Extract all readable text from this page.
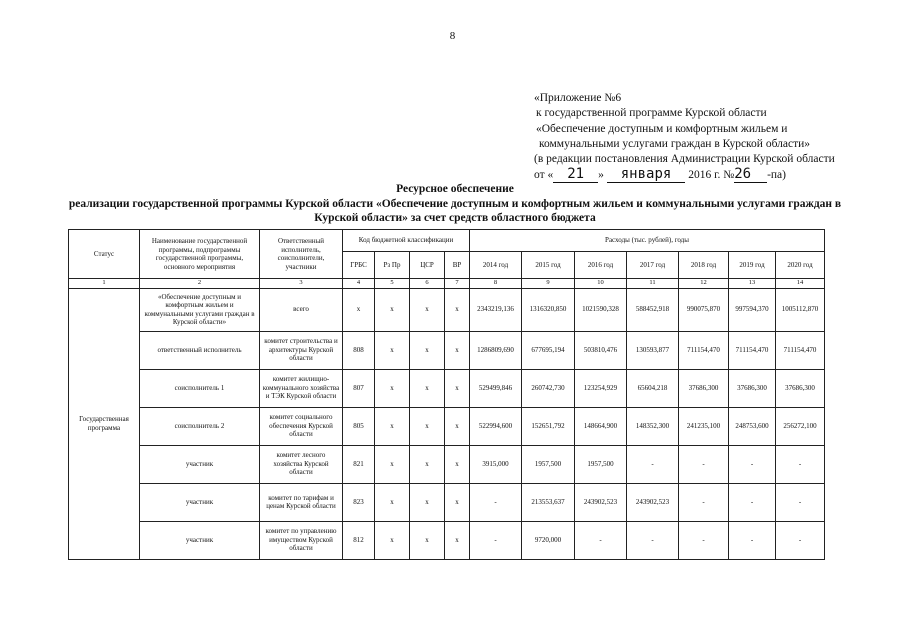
8
«Приложение №6
к государственной программе Курской области
«Обеспечение доступным и комфортным жильем и
коммунальными услугами граждан в Курской области»
(в редакции постановления Администрации Курской области
от « 21 » января 2016 г. №26 -па)
Ресурсное обеспечение
реализации государственной программы Курской области «Обеспечение доступным и комфортным жильем и коммунальными услугами граждан в Курской области» за счет средств областного бюджета
Статус	Наименование государственной программы, подпрограммы государственной программы, основного мероприятия	Ответственный исполнитель, соисполнители, участники	Код бюджетной классификации				Расходы (тыс. рублей), годы						
			ГРБС	Рз Пр	ЦСР	ВР	2014 год	2015 год	2016 год	2017 год	2018 год	2019 год	2020 год
1	2	3	4	5	6	7	8	9	10	11	12	13	14
Государственная программа	«Обеспечение доступным и комфортным жильем и коммунальными услугами граждан в Курской области»	всего	х	х	х	х	2343219,136	1316320,850	1021590,328	588452,918	990075,870	997594,370	1005112,870
	ответственный исполнитель	комитет строительства и архитектуры Курской области	808	х	х	х	1286809,690	677695,194	503810,476	130593,877	711154,470	711154,470	711154,470
	соисполнитель 1	комитет жилищно-коммунального хозяйства и ТЭК Курской области	807	х	х	х	529499,846	260742,730	123254,929	65604,218	37686,300	37686,300	37686,300
	соисполнитель 2	комитет социального обеспечения Курской области	805	х	х	х	522994,600	152651,792	148664,900	148352,300	241235,100	248753,600	256272,100
	участник	комитет лесного хозяйства Курской области	821	х	х	х	3915,000	1957,500	1957,500	-	-	-	-
	участник	комитет по тарифам и ценам Курской области	823	х	х	х	-	213553,637	243902,523	243902,523	-	-	-
	участник	комитет по управлению имуществом Курской области	812	х	х	х	-	9720,000	-	-	-	-	-
